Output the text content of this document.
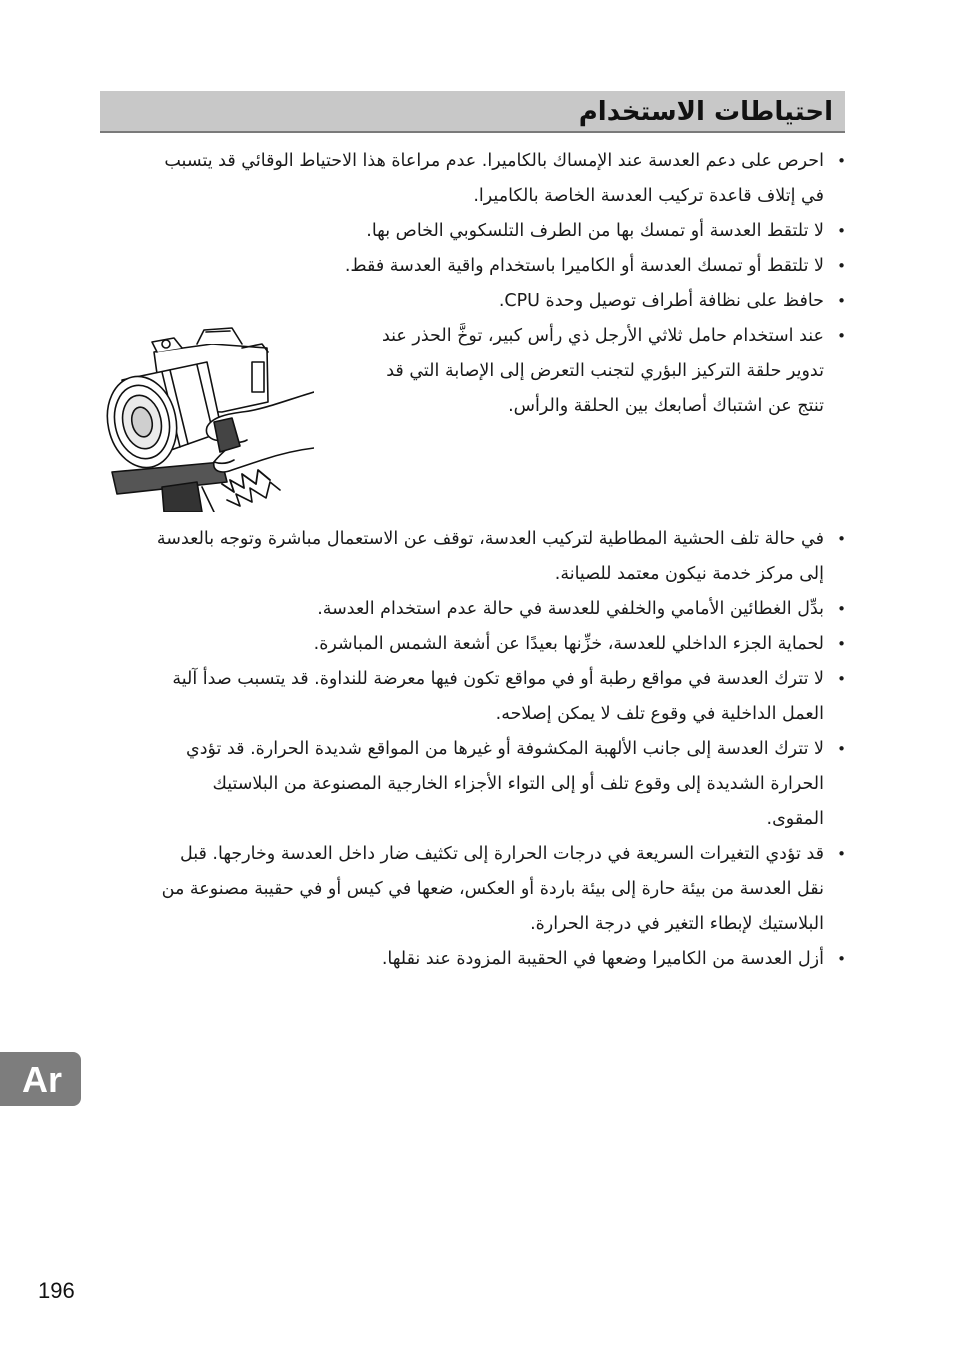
احتياطات الاستخدام

• احرص على دعم العدسة عند الإمساك بالكاميرا. عدم مراعاة هذا الاحتياط الوقائي قد يتسبب في إتلاف قاعدة تركيب العدسة الخاصة بالكاميرا.

• لا تلتقط العدسة أو تمسك بها من الطرف التلسكوبي الخاص بها.

• لا تلتقط أو تمسك العدسة أو الكاميرا باستخدام واقية العدسة فقط.

• حافظ على نظافة أطراف توصيل وحدة CPU.

• عند استخدام حامل ثلاثي الأرجل ذي رأس كبير، توخَّ الحذر عند تدوير حلقة التركيز البؤري لتجنب التعرض إلى الإصابة التي قد تنتج عن اشتباك أصابعك بين الحلقة والرأس.

• في حالة تلف الحشية المطاطية لتركيب العدسة، توقف عن الاستعمال مباشرة وتوجه بالعدسة إلى مركز خدمة نيكون معتمد للصيانة.

• بدِّل الغطائين الأمامي والخلفي للعدسة في حالة عدم استخدام العدسة.

• لحماية الجزء الداخلي للعدسة، خزِّنها بعيدًا عن أشعة الشمس المباشرة.

• لا تترك العدسة في مواقع رطبة أو في مواقع تكون فيها معرضة للنداوة. قد يتسبب صدأ آلية العمل الداخلية في وقوع تلف لا يمكن إصلاحه.

• لا تترك العدسة إلى جانب الألهبة المكشوفة أو غيرها من المواقع شديدة الحرارة. قد تؤدي الحرارة الشديدة إلى وقوع تلف أو إلى التواء الأجزاء الخارجية المصنوعة من البلاستيك المقوى.

• قد تؤدي التغيرات السريعة في درجات الحرارة إلى تكثيف ضار داخل العدسة وخارجها. قبل نقل العدسة من بيئة حارة إلى بيئة باردة أو العكس، ضعها في كيس أو في حقيبة مصنوعة من البلاستيك لإبطاء التغير في درجة الحرارة.

• أزل العدسة من الكاميرا وضعها في الحقيبة المزودة عند نقلها.

Ar
196
